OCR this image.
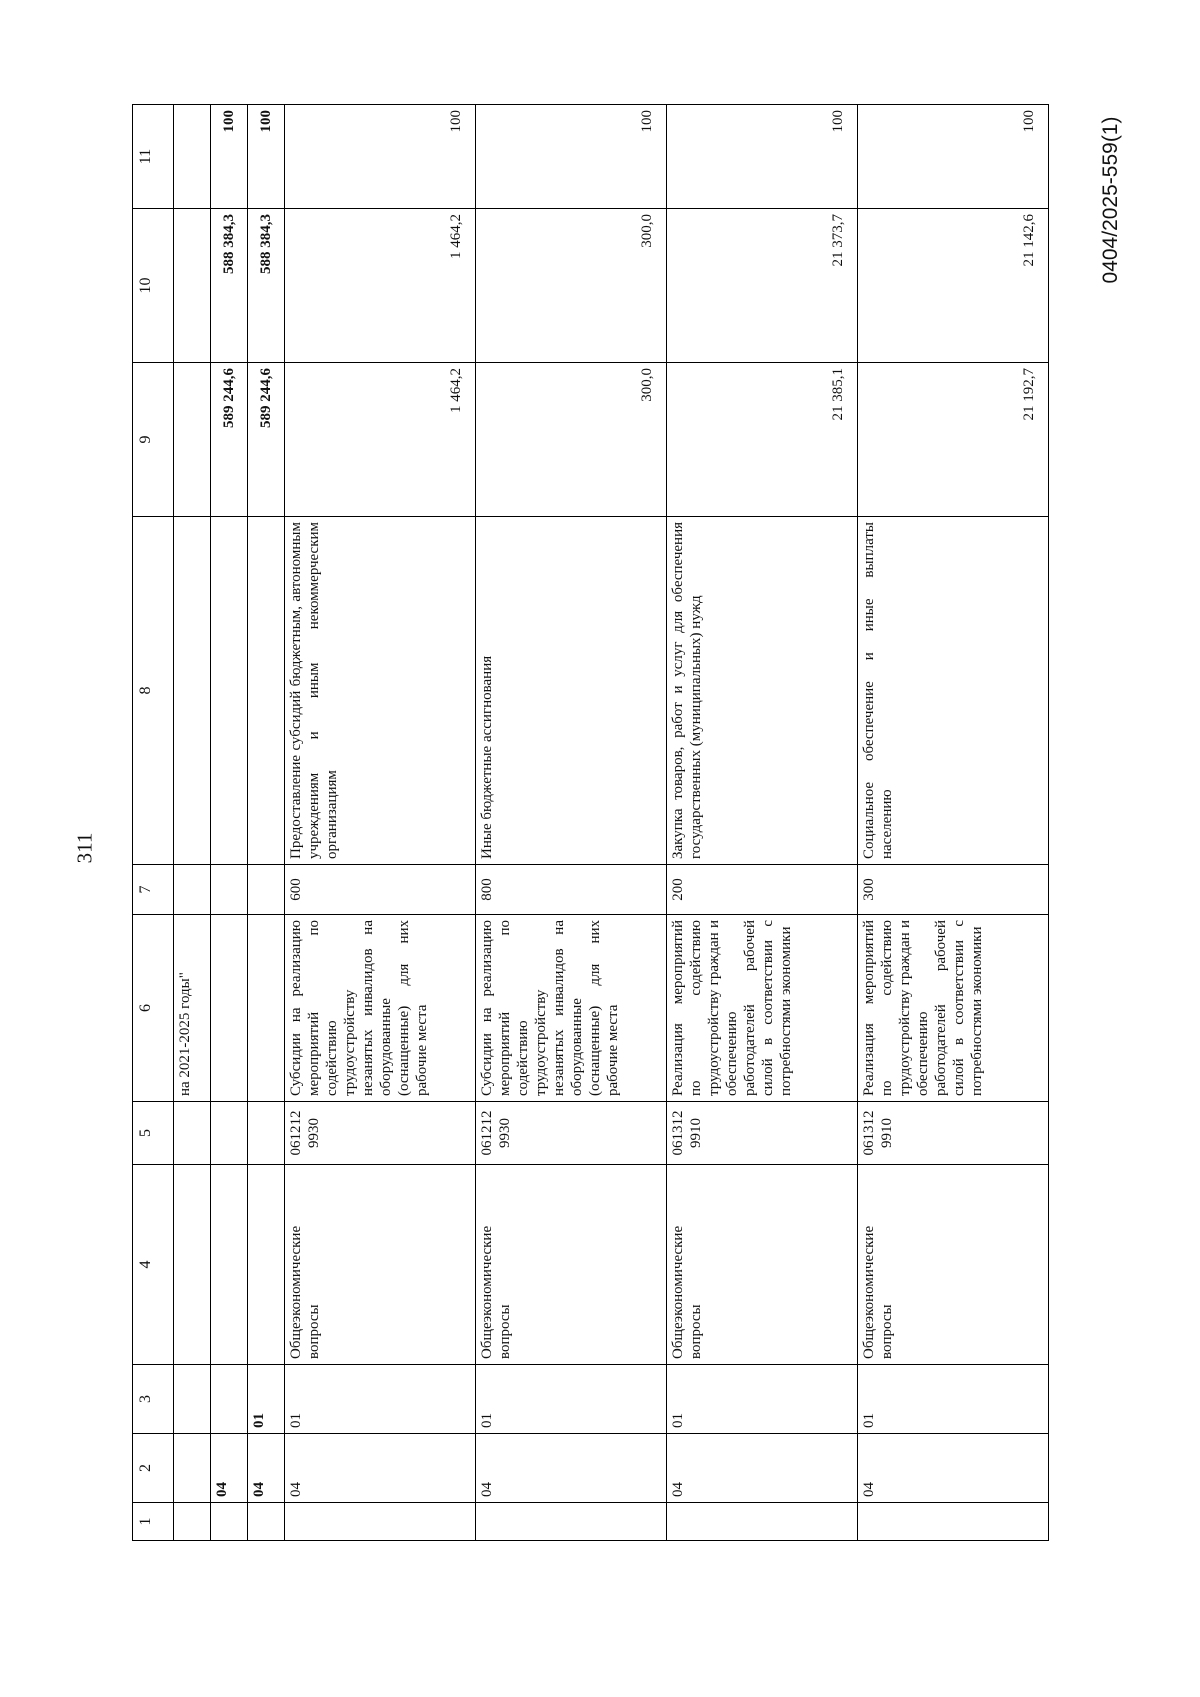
311
0404/2025-559(1)
1	2	3	4	5	6	7	8	9	10	11
					на 2021-2025 годы"					
	04							589 244,6	588 384,3	100
	04	01						589 244,6	588 384,3	100
	04	01	Общеэкономические вопросы	061212 9930	Субсидии на реализацию мероприятий по содействию трудоустройству незанятых инвалидов на оборудованные (оснащенные) для них рабочие места	600	Предоставление субсидий бюджетным, автономным учреждениям и иным некоммерческим организациям	1 464,2	1 464,2	100
	04	01	Общеэкономические вопросы	061212 9930	Субсидии на реализацию мероприятий по содействию трудоустройству незанятых инвалидов на оборудованные (оснащенные) для них рабочие места	800	Иные бюджетные ассигнования	300,0	300,0	100
	04	01	Общеэкономические вопросы	061312 9910	Реализация мероприятий по содействию трудоустройству граждан и обеспечению работодателей рабочей силой в соответствии с потребностями экономики	200	Закупка товаров, работ и услуг для обеспечения государственных (муниципальных) нужд	21 385,1	21 373,7	100
	04	01	Общеэкономические вопросы	061312 9910	Реализация мероприятий по содействию трудоустройству граждан и обеспечению работодателей рабочей силой в соответствии с потребностями экономики	300	Социальное обеспечение и иные выплаты населению	21 192,7	21 142,6	100
